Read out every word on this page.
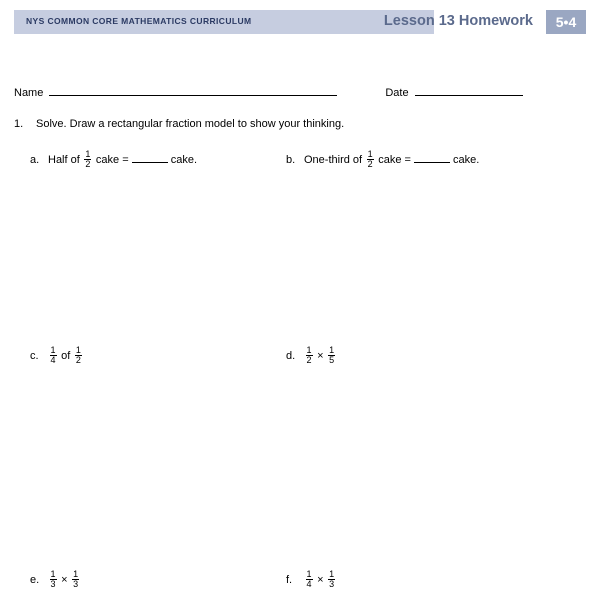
NYS COMMON CORE MATHEMATICS CURRICULUM	Lesson 13 Homework	5•4
Name	Date
1. Solve. Draw a rectangular fraction model to show your thinking.
a. Half of $\frac{1}{2}$ cake =	cake.	b. One-third of $\frac{1}{2}$ cake =	cake.
c. $\frac{1}{4}$ of $\frac{1}{2}$	d. $\frac{1}{2} \times \frac{1}{5}$
e. $\frac{1}{3} \times \frac{1}{3}$	f. $\frac{1}{4} \times \frac{1}{3}$
